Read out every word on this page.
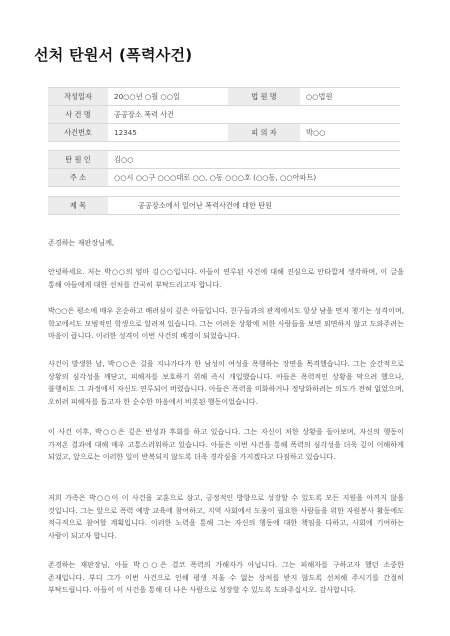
선처 탄원서 (폭력사건)
작성일자	20○○년 ○월 ○○일	법 원 명	○○법원
사 건 명	공공장소 폭력 사건		
사건번호	12345	피 의 자	박○○
탄 원 인	김○○
주 소	○○시 ○○구 ○○○대로 ○○, ○동 ○○○호 (○○동, ○○아파트)
제 목	공공장소에서 일어난 폭력사건에 대한 탄원
존경하는 재판장님께,
안녕하세요. 저는 박○○의 엄마 김○○입니다. 아들이 연루된 사건에 대해 진심으로 안타깝게 생각하며, 이 글을 통해 아들에게 대한 선처를 간곡히 부탁드리고자 합니다.
박○○은 평소에 매우 온순하고 배려심이 깊은 아들입니다. 친구들과의 관계에서도 항상 남을 먼저 챙기는 성격이며, 학교에서도 모범적인 학생으로 알려져 있습니다. 그는 어려운 상황에 처한 사람들을 보면 외면하지 않고 도와주려는 마음이 큽니다. 이러한 성격이 이번 사건의 배경이 되었습니다.
사건이 발생한 날, 박○○은 길을 지나가다가 한 남성이 여성을 폭행하는 장면을 목격했습니다. 그는 순간적으로 상황의 심각성을 깨닫고, 피해자를 보호하기 위해 즉시 개입했습니다. 아들은 폭력적인 상황을 막으려 했으나, 불행히도 그 과정에서 자신도 연루되어 버렸습니다. 아들은 폭력을 미화하거나 정당화하려는 의도가 전혀 없었으며, 오히려 피해자를 돕고자 한 순수한 마음에서 비롯된 행동이었습니다.
이 사건 이후, 박○○은 깊은 반성과 후회를 하고 있습니다. 그는 자신이 처한 상황을 돌아보며, 자신의 행동이 가져온 결과에 대해 매우 고통스러워하고 있습니다. 아들은 이번 사건을 통해 폭력의 심각성을 더욱 깊이 이해하게 되었고, 앞으로는 이러한 일이 반복되지 않도록 더욱 경각심을 가지겠다고 다짐하고 있습니다.
저희 가족은 박○○이 이 사건을 교훈으로 삼고, 긍정적인 방향으로 성장할 수 있도록 모든 지원을 아끼지 않을 것입니다. 그는 앞으로 폭력 예방 교육에 참여하고, 지역 사회에서 도움이 필요한 사람들을 위한 자원봉사 활동에도 적극적으로 참여할 계획입니다. 이러한 노력을 통해 그는 자신의 행동에 대한 책임을 다하고, 사회에 기여하는 사람이 되고자 합니다.
존경하는 재판장님, 아들 박○○은 결코 폭력의 가해자가 아닙니다. 그는 피해자를 구하고자 했던 소중한 존재입니다. 부디 그가 이번 사건으로 인해 평생 지울 수 없는 상처를 받지 않도록 선처해 주시기를 간절히 부탁드립니다. 아들이 이 사건을 통해 더 나은 사람으로 성장할 수 있도록 도와주십시오. 감사합니다.
